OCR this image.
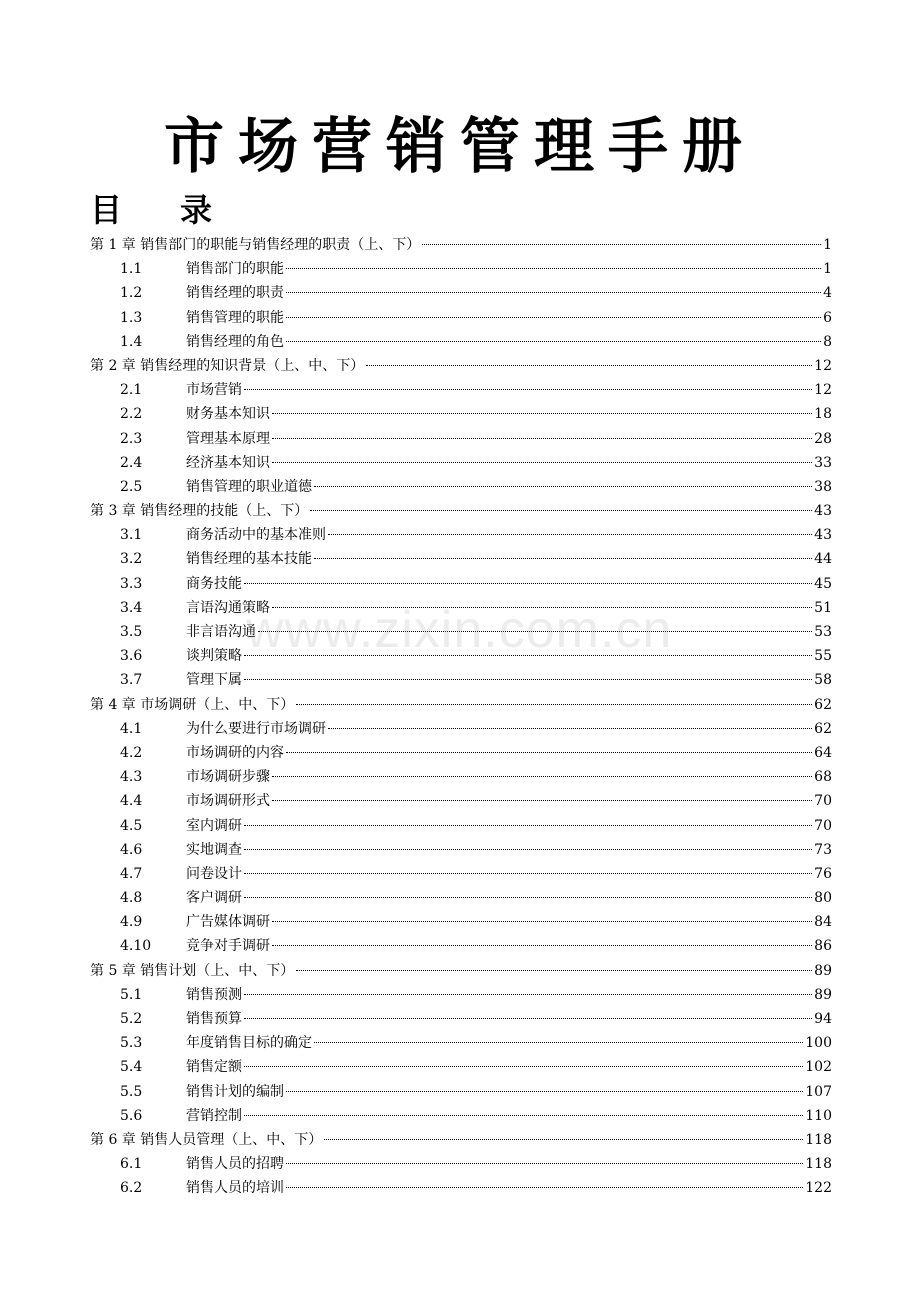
市场营销管理手册
目 录
第 1 章 销售部门的职能与销售经理的职责（上、下）	1
1.1	销售部门的职能	1
1.2	销售经理的职责	4
1.3	销售管理的职能	6
1.4	销售经理的角色	8
第 2 章 销售经理的知识背景（上、中、下）	12
2.1	市场营销	12
2.2	财务基本知识	18
2.3	管理基本原理	28
2.4	经济基本知识	33
2.5	销售管理的职业道德	38
第 3 章 销售经理的技能（上、下）	43
3.1	商务活动中的基本准则	43
3.2	销售经理的基本技能	44
3.3	商务技能	45
3.4	言语沟通策略	51
3.5	非言语沟通	53
3.6	谈判策略	55
3.7	管理下属	58
第 4 章 市场调研（上、中、下）	62
4.1	为什么要进行市场调研	62
4.2	市场调研的内容	64
4.3	市场调研步骤	68
4.4	市场调研形式	70
4.5	室内调研	70
4.6	实地调查	73
4.7	问卷设计	76
4.8	客户调研	80
4.9	广告媒体调研	84
4.10	竞争对手调研	86
第 5 章 销售计划（上、中、下）	89
5.1	销售预测	89
5.2	销售预算	94
5.3	年度销售目标的确定	100
5.4	销售定额	102
5.5	销售计划的编制	107
5.6	营销控制	110
第 6 章 销售人员管理（上、中、下）	118
6.1	销售人员的招聘	118
6.2	销售人员的培训	122
www.zixin.com.cn
